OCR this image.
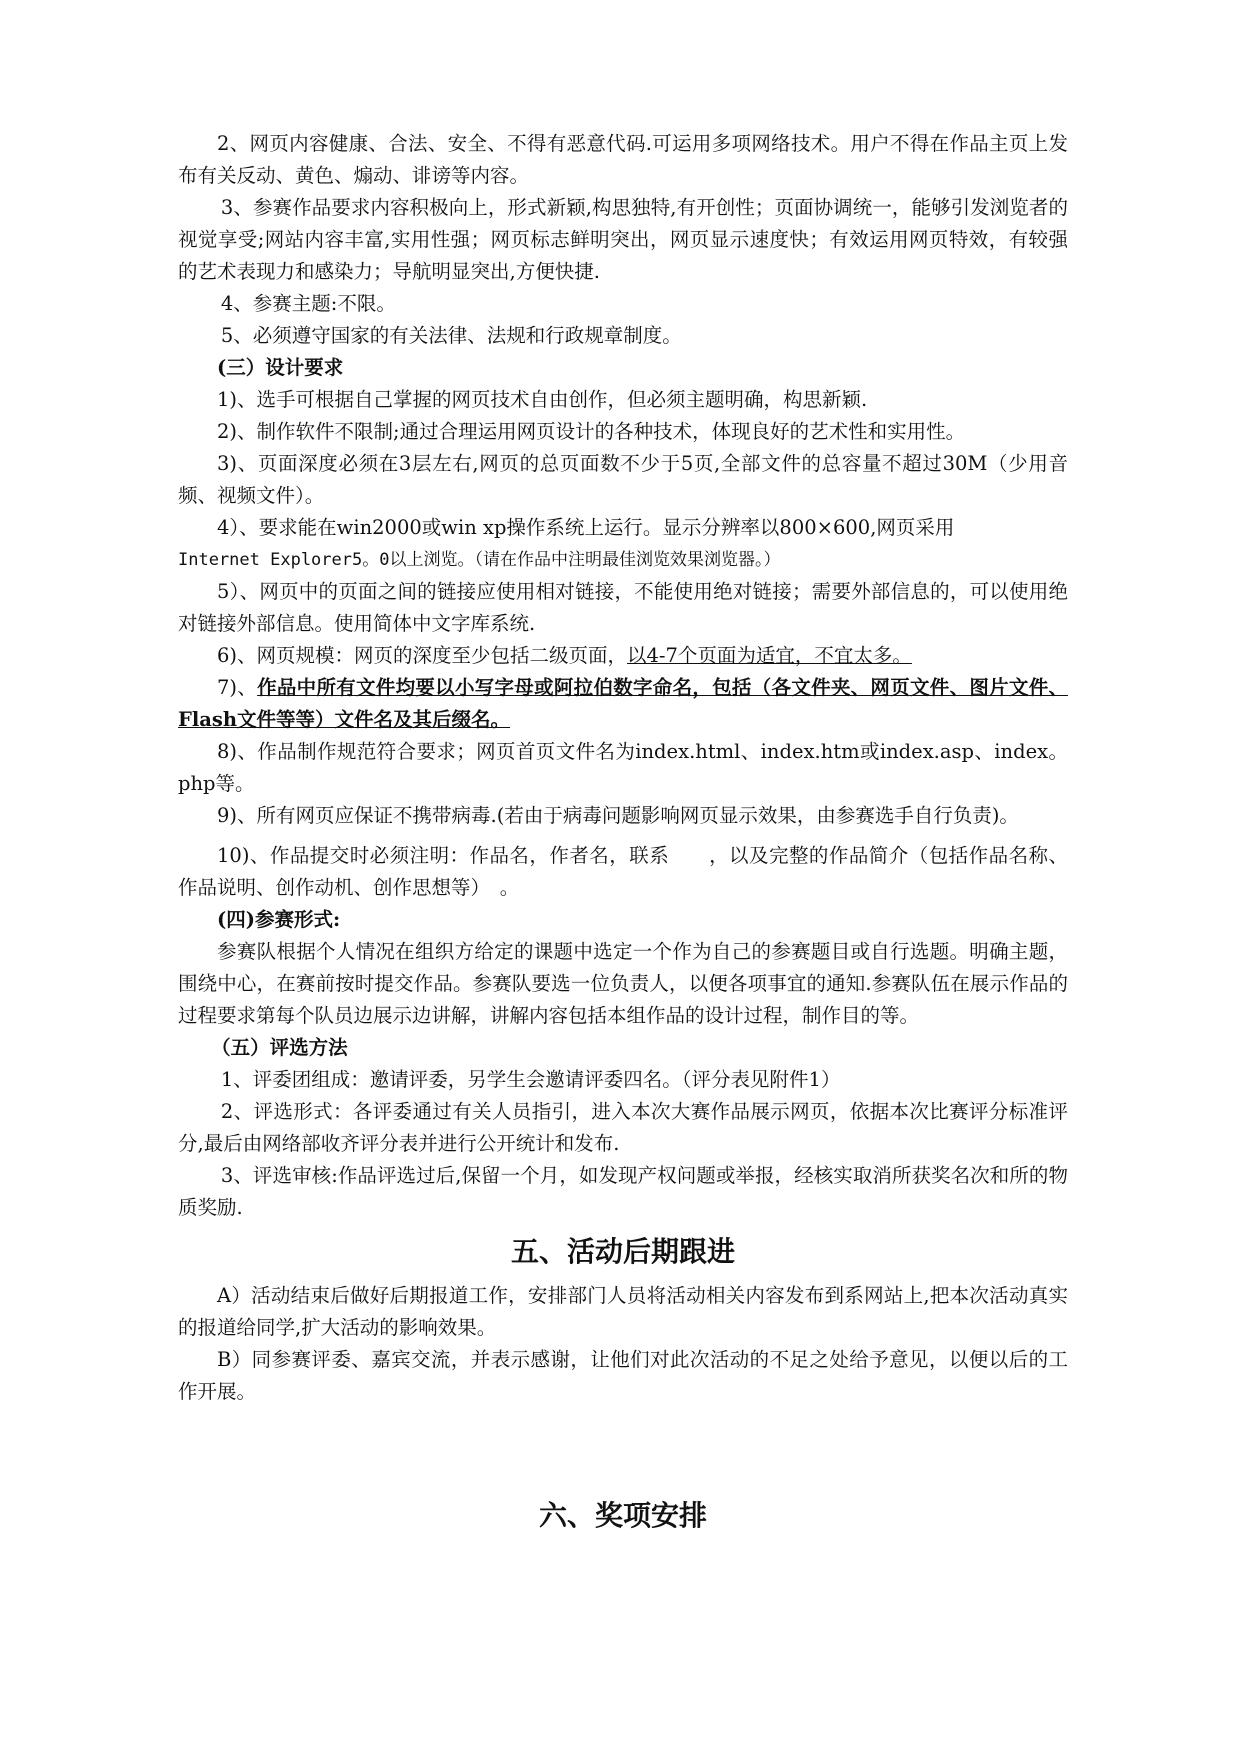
2、网页内容健康、合法、安全、不得有恶意代码.可运用多项网络技术。用户不得在作品主页上发布有关反动、黄色、煽动、诽谤等内容。

3、参赛作品要求内容积极向上，形式新颖,构思独特,有开创性；页面协调统一，能够引发浏览者的视觉享受;网站内容丰富,实用性强；网页标志鲜明突出，网页显示速度快；有效运用网页特效，有较强的艺术表现力和感染力；导航明显突出,方便快捷.

4、参赛主题:不限。

5、必须遵守国家的有关法律、法规和行政规章制度。

(三）设计要求

1)、选手可根据自己掌握的网页技术自由创作，但必须主题明确，构思新颖.

2)、制作软件不限制;通过合理运用网页设计的各种技术，体现良好的艺术性和实用性。

3)、页面深度必须在3层左右,网页的总页面数不少于5页,全部文件的总容量不超过30M（少用音频、视频文件）。

4）、要求能在win2000或win xp操作系统上运行。显示分辨率以800×600,网页采用

Internet Explorer5。0以上浏览。（请在作品中注明最佳浏览效果浏览器。）

5）、网页中的页面之间的链接应使用相对链接，不能使用绝对链接；需要外部信息的，可以使用绝对链接外部信息。使用简体中文字库系统.

6)、网页规模：网页的深度至少包括二级页面，以4-7个页面为适宜，不宜太多。

7)、作品中所有文件均要以小写字母或阿拉伯数字命名，包括（各文件夹、网页文件、图片文件、Flash文件等等）文件名及其后缀名。

8)、作品制作规范符合要求；网页首页文件名为index.html、index.htm或index.asp、index。php等。

9)、所有网页应保证不携带病毒.(若由于病毒问题影响网页显示效果，由参赛选手自行负责)。

10)、作品提交时必须注明：作品名，作者名，联系　　，以及完整的作品简介（包括作品名称、作品说明、创作动机、创作思想等）　。

(四)参赛形式:

参赛队根据个人情况在组织方给定的课题中选定一个作为自己的参赛题目或自行选题。明确主题，围绕中心，在赛前按时提交作品。参赛队要选一位负责人，以便各项事宜的通知.参赛队伍在展示作品的过程要求第每个队员边展示边讲解，讲解内容包括本组作品的设计过程，制作目的等。

（五）评选方法

1、评委团组成：邀请评委，另学生会邀请评委四名。（评分表见附件1）

2、评选形式：各评委通过有关人员指引，进入本次大赛作品展示网页，依据本次比赛评分标准评分,最后由网络部收齐评分表并进行公开统计和发布.

3、评选审核:作品评选过后,保留一个月，如发现产权问题或举报，经核实取消所获奖名次和所的物质奖励.

五、活动后期跟进

A）活动结束后做好后期报道工作，安排部门人员将活动相关内容发布到系网站上,把本次活动真实的报道给同学,扩大活动的影响效果。

B）同参赛评委、嘉宾交流，并表示感谢，让他们对此次活动的不足之处给予意见，以便以后的工作开展。

六、奖项安排
